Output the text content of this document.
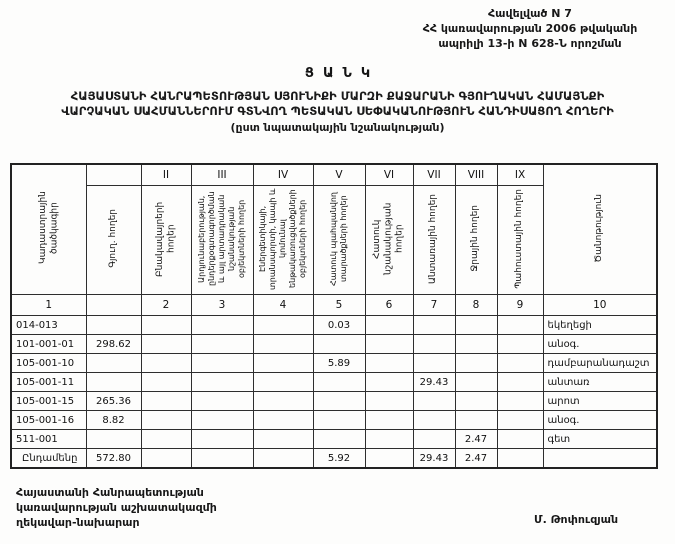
Հավելված N 7
ՀՀ կառավարության 2006 թվականի
ապրիլի 13-ի N 628-Ն որոշման
ՑԱՆԿ
ՀԱՅԱՍՏԱՆԻ ՀԱՆՐԱՊԵՏՈՒԹՅԱՆ ՍՅՈՒՆԻՔԻ ՄԱՐԶԻ ՔԱՋԱՐԱՆԻ ԳՅՈՒՂԱԿԱՆ ՀԱՄԱՅՆՔԻ
ՎԱՐՉԱԿԱՆ ՍԱՀՄԱՆՆԵՐՈՒՄ ԳՏՆՎՈՂ ՊԵՏԱԿԱՆ ՍԵՓԱԿԱՆՈՒԹՅՈՒՆ ՀԱՆԴԻՍԱՑՈՂ ՀՈՂԵՐԻ
(ըստ նպատակային նշանակության)
Կադաստրային ծածկագիր		II	III	IV	V	VI	VII	VIII	IX	Ծանոթություն
	Գյուղ. հողեր	Բնակավայրերի հողեր	Արդյունաբերության, ընդերքօգտագործման և այլ արտադրական նշանակության օբյեկտների հողեր	Էներգետիկայի, տրանսպորտի, կապի և կոմունալ ենթակառուցվածքների օբյեկտների հողեր	Հատուկ պահպանվող տարածքների հողեր	Հատուկ նշանակության հողեր	Անտառային հողեր	Ջրային հողեր	Պահուստային հողեր	
1		2	3	4	5	6	7	8	9	10
014-013					0.03					եկեղեցի
101-001-01	298.62									անօգ.
105-001-10					5.89					դամբարանադաշտ
105-001-11							29.43			անտառ
105-001-15	265.36									արոտ
105-001-16	8.82									անօգ.
511-001								2.47		գետ
Ընդամենը	572.80				5.92		29.43	2.47		
Հայաստանի Հանրապետության
կառավարության աշխատակազմի
ղեկավար-նախարար	Մ. Թոփուզյան
